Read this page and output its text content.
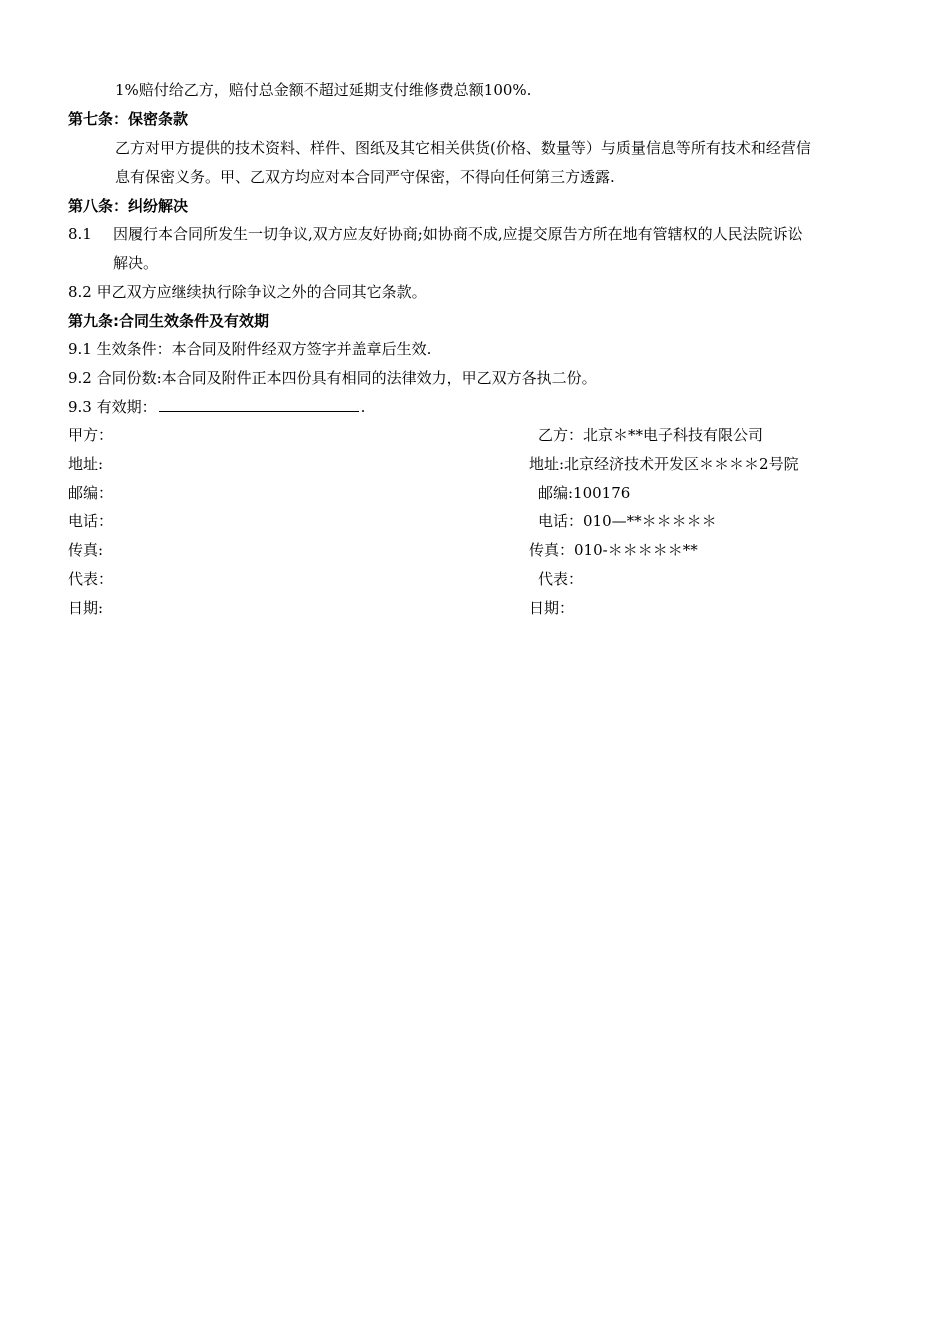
1%赔付给乙方，赔付总金额不超过延期支付维修费总额100%.
第七条：保密条款
乙方对甲方提供的技术资料、样件、图纸及其它相关供货(价格、数量等）与质量信息等所有技术和经营信
息有保密义务。甲、乙双方均应对本合同严守保密，不得向任何第三方透露.
第八条：纠纷解决
8.1 因履行本合同所发生一切争议,双方应友好协商;如协商不成,应提交原告方所在地有管辖权的人民法院诉讼
解决。
8.2 甲乙双方应继续执行除争议之外的合同其它条款。
第九条:合同生效条件及有效期
9.1 生效条件：本合同及附件经双方签字并盖章后生效.
9.2 合同份数:本合同及附件正本四份具有相同的法律效力，甲乙双方各执二份。
9.3 有效期：	.
甲方：
地址:
邮编：
电话：
传真:
代表：
日期:
乙方：北京＊**电子科技有限公司
地址:北京经济技术开发区＊＊＊＊2号院
邮编:100176
电话：010—**＊＊＊＊＊
传真：010-＊＊＊＊＊**
代表：
日期：
